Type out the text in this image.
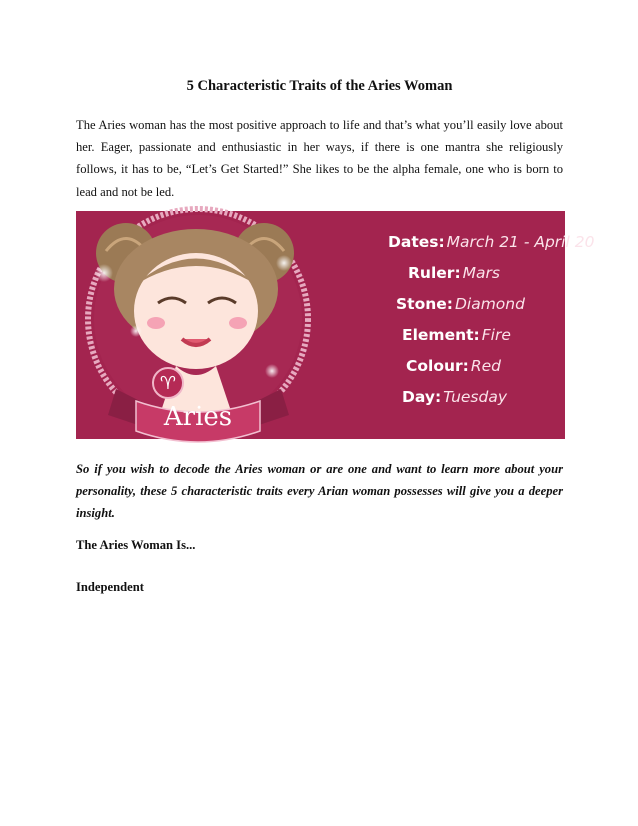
5 Characteristic Traits of the Aries Woman
The Aries woman has the most positive approach to life and that’s what you’ll easily love about her. Eager, passionate and enthusiastic in her ways, if there is one mantra she religiously follows, it has to be, “Let’s Get Started!” She likes to be the alpha female, one who is born to lead and not be led.
♈
Aries
Dates: March 21 - April 20
Ruler: Mars
Stone: Diamond
Element: Fire
Colour: Red
Day: Tuesday
So if you wish to decode the Aries woman or are one and want to learn more about your personality, these 5 characteristic traits every Arian woman possesses will give you a deeper insight.
The Aries Woman Is...
Independent
